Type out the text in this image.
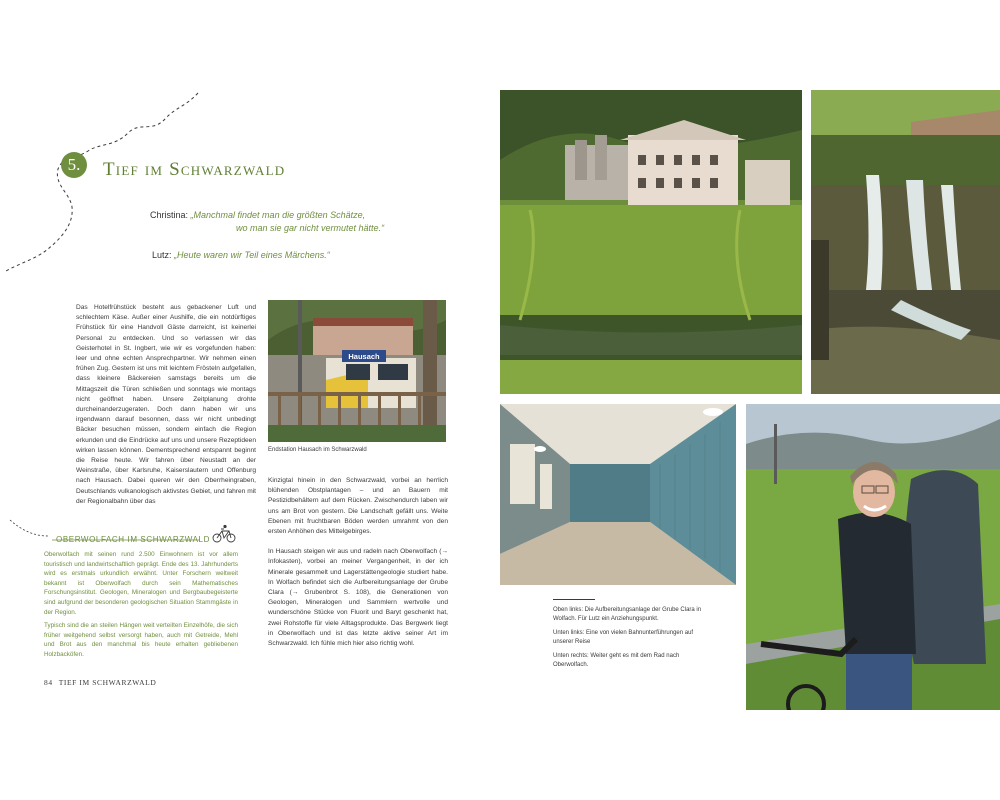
5.	Tief im Schwarzwald
Christina: „Manchmal findet man die größten Schätze,
wo man sie gar nicht vermutet hätte.“
Lutz: „Heute waren wir Teil eines Märchens.“

Das Hotelfrühstück besteht aus gebackener Luft und schlechtem Käse. Außer einer Aushilfe, die ein notdürftiges Frühstück für eine Handvoll Gäste darreicht, ist keinerlei Personal zu entdecken. Und so verlassen wir das Geisterhotel in St. Ingbert, wie wir es vorgefunden haben: leer und ohne echten Ansprechpartner. Wir nehmen einen frühen Zug. Gestern ist uns mit leichtem Frösteln aufgefallen, dass kleinere Bäckereien samstags bereits um die Mittagszeit die Türen schließen und sonntags wie montags nicht geöffnet haben. Unsere Zeitplanung drohte durcheinanderzugeraten. Doch dann haben wir uns irgendwann darauf besonnen, dass wir nicht unbedingt Bäcker besuchen müssen, sondern einfach die Region erkunden und die Eindrücke auf uns und unsere Rezeptideen wirken lassen können. Dementsprechend entspannt beginnt die Reise heute. Wir fahren über Neustadt an der Weinstraße, über Karlsruhe, Kaiserslautern und Offenburg nach Hausach. Dabei queren wir den Oberrheingraben, Deutschlands vulkanologisch aktivstes Gebiet, und fahren mit der Regionalbahn über das

Hausach
Endstation Hausach im Schwarzwald

Kinzigtal hinein in den Schwarzwald, vorbei an herrlich blühenden Obstplantagen – und an Bauern mit Pestizidbehältern auf dem Rücken. Zwischendurch laben wir uns am Brot von gestern. Die Landschaft gefällt uns. Weite Ebenen mit fruchtbaren Böden werden umrahmt von den ersten Anhöhen des Mittelgebirges.

In Hausach steigen wir aus und radeln nach Oberwolfach (→ Infokasten), vorbei an meiner Vergangenheit, in der ich Minerale gesammelt und Lagerstättengeologie studiert habe. In Wolfach befindet sich die Aufbereitungsanlage der Grube Clara (→ Grubenbrot S. 108), die Generationen von Geologen, Mineralogen und Sammlern wertvolle und wunderschöne Stücke von Fluorit und Baryt geschenkt hat, zwei Rohstoffe für viele Alltagsprodukte. Das Bergwerk liegt in Oberwolfach und ist das letzte aktive seiner Art im Schwarzwald. Ich fühle mich hier also richtig wohl.

OBERWOLFACH IM SCHWARZWALD

Oberwolfach mit seinen rund 2.500 Einwohnern ist vor allem touristisch und landwirtschaftlich geprägt. Ende des 13. Jahrhunderts wird es erstmals urkundlich erwähnt. Unter Forschern weltweit bekannt ist Oberwolfach durch sein Mathematisches Forschungsinstitut. Geologen, Mineralogen und Bergbaubegeisterte sind aufgrund der besonderen geologischen Situation Stammgäste in der Region.

Typisch sind die an steilen Hängen weit verteilten Einzelhöfe, die sich früher weitgehend selbst versorgt haben, auch mit Getreide, Mehl und Brot aus den manchmal bis heute erhalten gebliebenen Holzbacköfen.

84 TIEF IM SCHWARZWALD
Oben links: Die Aufbereitungsanlage der Grube Clara in Wolfach. Für Lutz ein Anziehungspunkt.
Unten links: Eine von vielen Bahnunterführungen auf unserer Reise
Unten rechts: Weiter geht es mit dem Rad nach Oberwolfach.
